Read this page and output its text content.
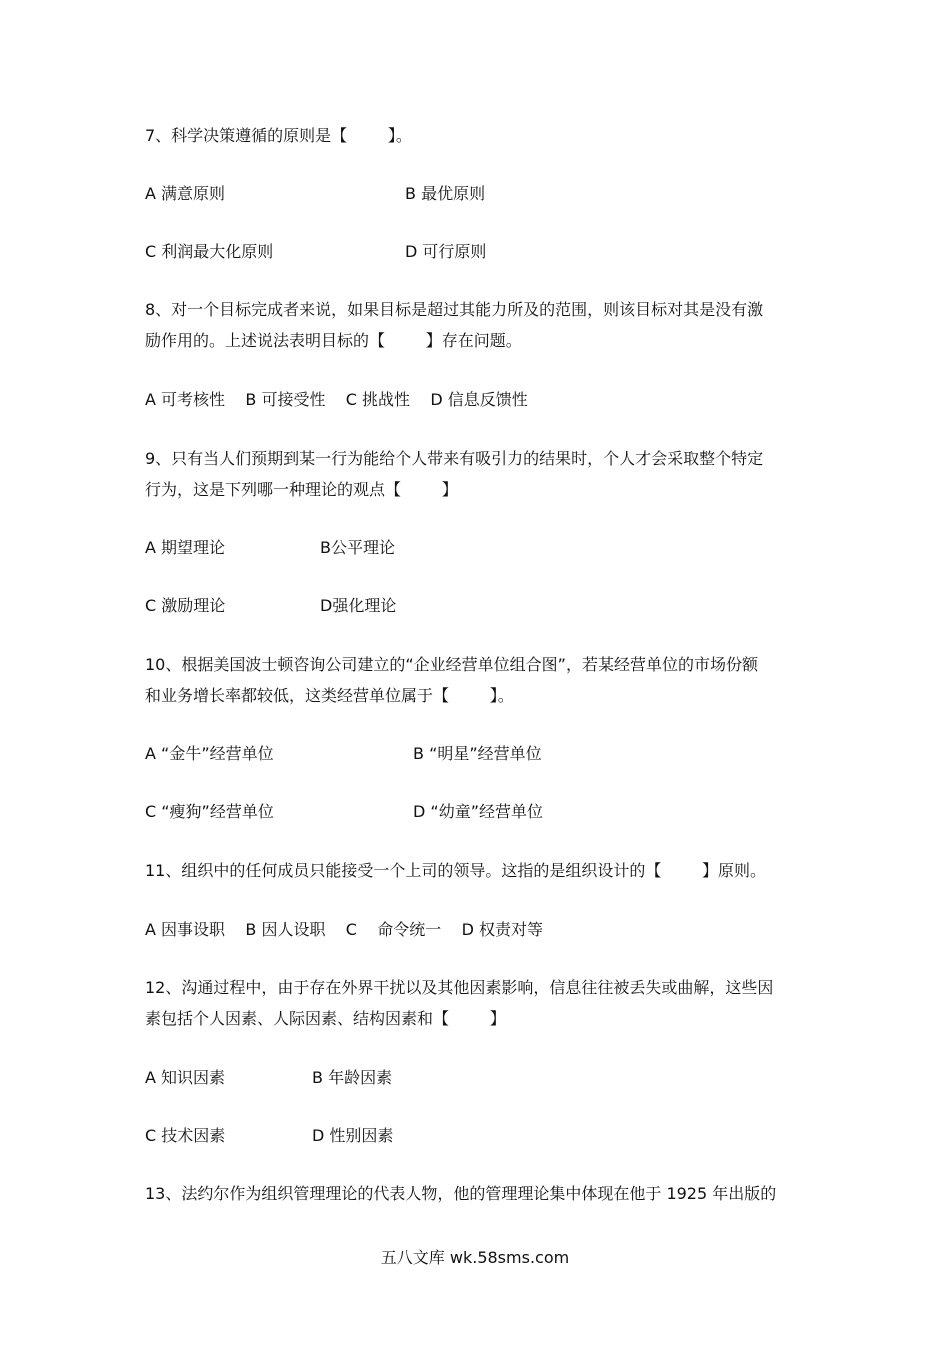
7、科学决策遵循的原则是【        】。
A 满意原则	B 最优原则
C 利润最大化原则	D 可行原则
8、对一个目标完成者来说，如果目标是超过其能力所及的范围，则该目标对其是没有激
励作用的。上述说法表明目标的【        】存在问题。
A 可考核性    B 可接受性    C 挑战性    D 信息反馈性
9、只有当人们预期到某一行为能给个人带来有吸引力的结果时，个人才会采取整个特定
行为，这是下列哪一种理论的观点【        】
A 期望理论	B公平理论
C 激励理论	D强化理论
10、根据美国波士顿咨询公司建立的“企业经营单位组合图”，若某经营单位的市场份额
和业务增长率都较低，这类经营单位属于【        】。
A “金牛”经营单位	B “明星”经营单位
C “瘦狗”经营单位	D “幼童”经营单位
11、组织中的任何成员只能接受一个上司的领导。这指的是组织设计的【        】原则。
A 因事设职    B 因人设职    C    命令统一    D 权责对等
12、沟通过程中，由于存在外界干扰以及其他因素影响，信息往往被丢失或曲解，这些因
素包括个人因素、人际因素、结构因素和【        】
A 知识因素	B 年龄因素
C 技术因素	D 性别因素
13、法约尔作为组织管理理论的代表人物，他的管理理论集中体现在他于 1925 年出版的
五八文库 wk.58sms.com
